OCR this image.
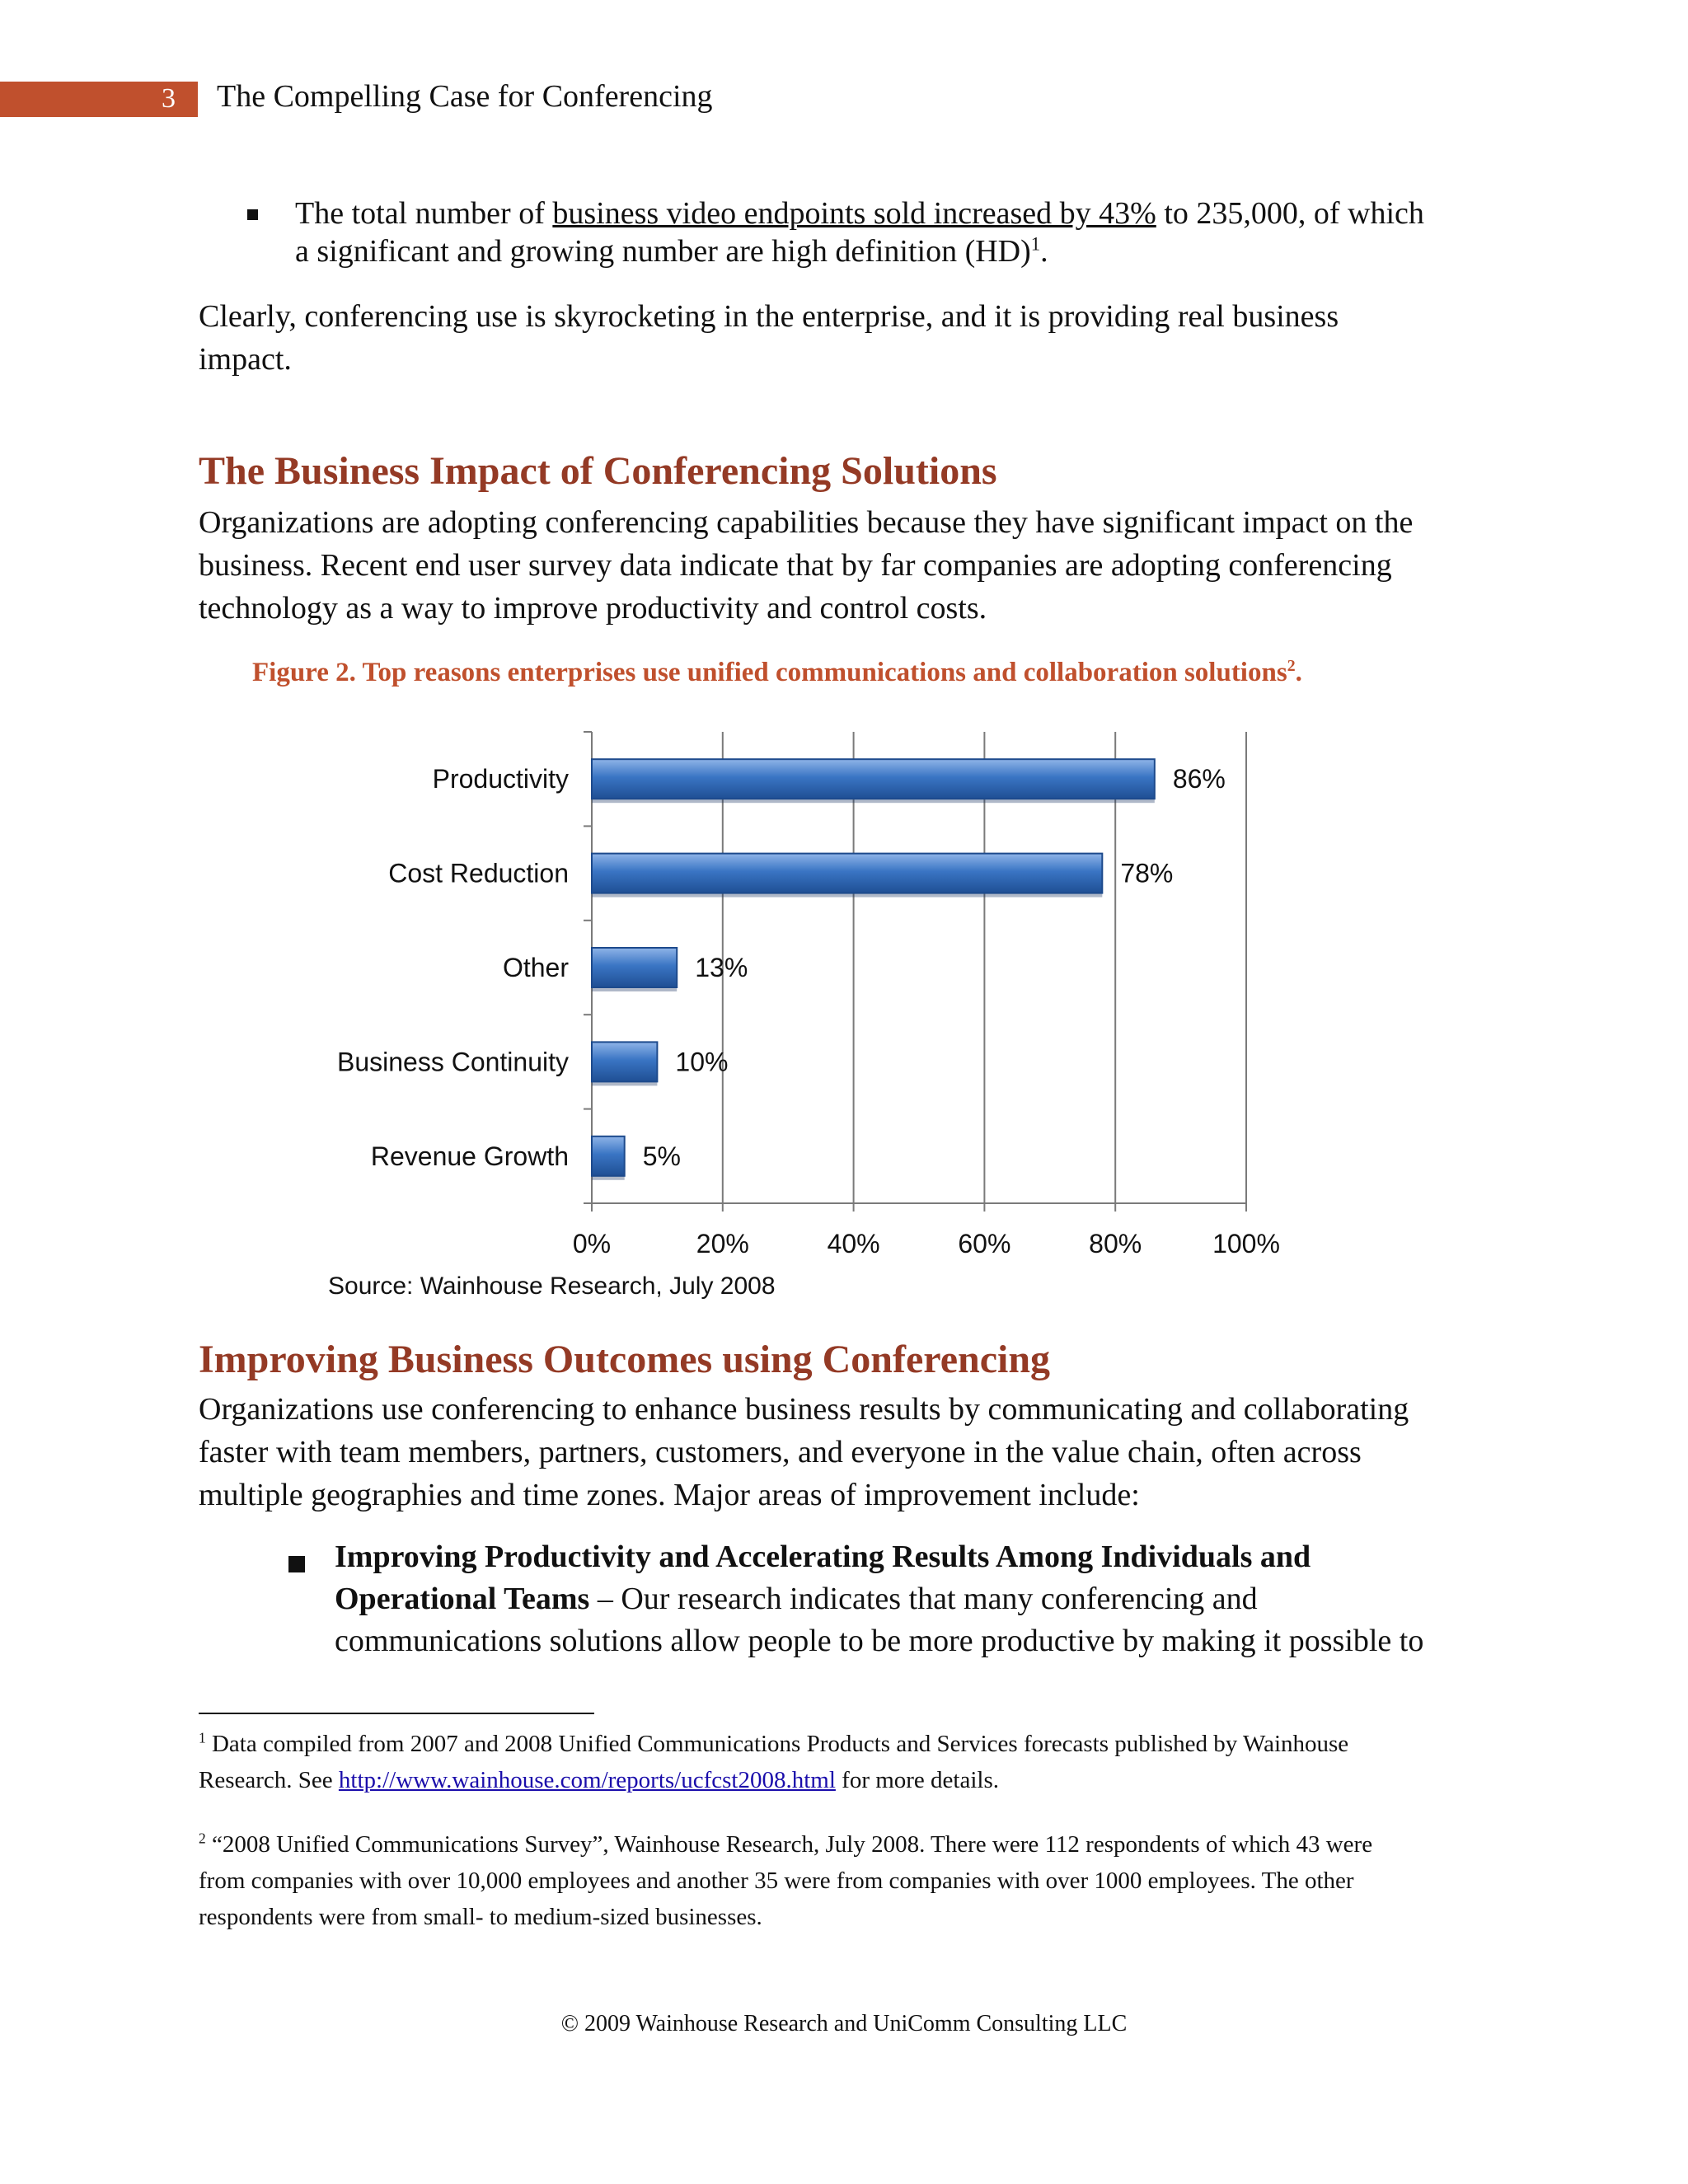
3 The Compelling Case for Conferencing

The total number of business video endpoints sold increased by 43% to 235,000, of which
a significant and growing number are high definition (HD)$^1$.

Clearly, conferencing use is skyrocketing in the enterprise, and it is providing real business
impact.

The Business Impact of Conferencing Solutions

Organizations are adopting conferencing capabilities because they have significant impact on the
business. Recent end user survey data indicate that by far companies are adopting conferencing
technology as a way to improve productivity and control costs.

Figure 2. Top reasons enterprises use unified communications and collaboration solutions$^2$.
0%	20%	40%	60%	80%	100%
Productivity	86%
Cost Reduction	78%
Other	13%
Business Continuity	10%
Revenue Growth	5%
Source: Wainhouse Research, July 2008
Improving Business Outcomes using Conferencing

Organizations use conferencing to enhance business results by communicating and collaborating
faster with team members, partners, customers, and everyone in the value chain, often across
multiple geographies and time zones. Major areas of improvement include:

Improving Productivity and Accelerating Results Among Individuals and
Operational Teams – Our research indicates that many conferencing and
communications solutions allow people to be more productive by making it possible to

$^1$ Data compiled from 2007 and 2008 Unified Communications Products and Services forecasts published by Wainhouse
Research. See http://www.wainhouse.com/reports/ucfcst2008.html for more details.

$^2$ “2008 Unified Communications Survey”, Wainhouse Research, July 2008. There were 112 respondents of which 43 were
from companies with over 10,000 employees and another 35 were from companies with over 1000 employees. The other
respondents were from small- to medium-sized businesses.

© 2009 Wainhouse Research and UniComm Consulting LLC
